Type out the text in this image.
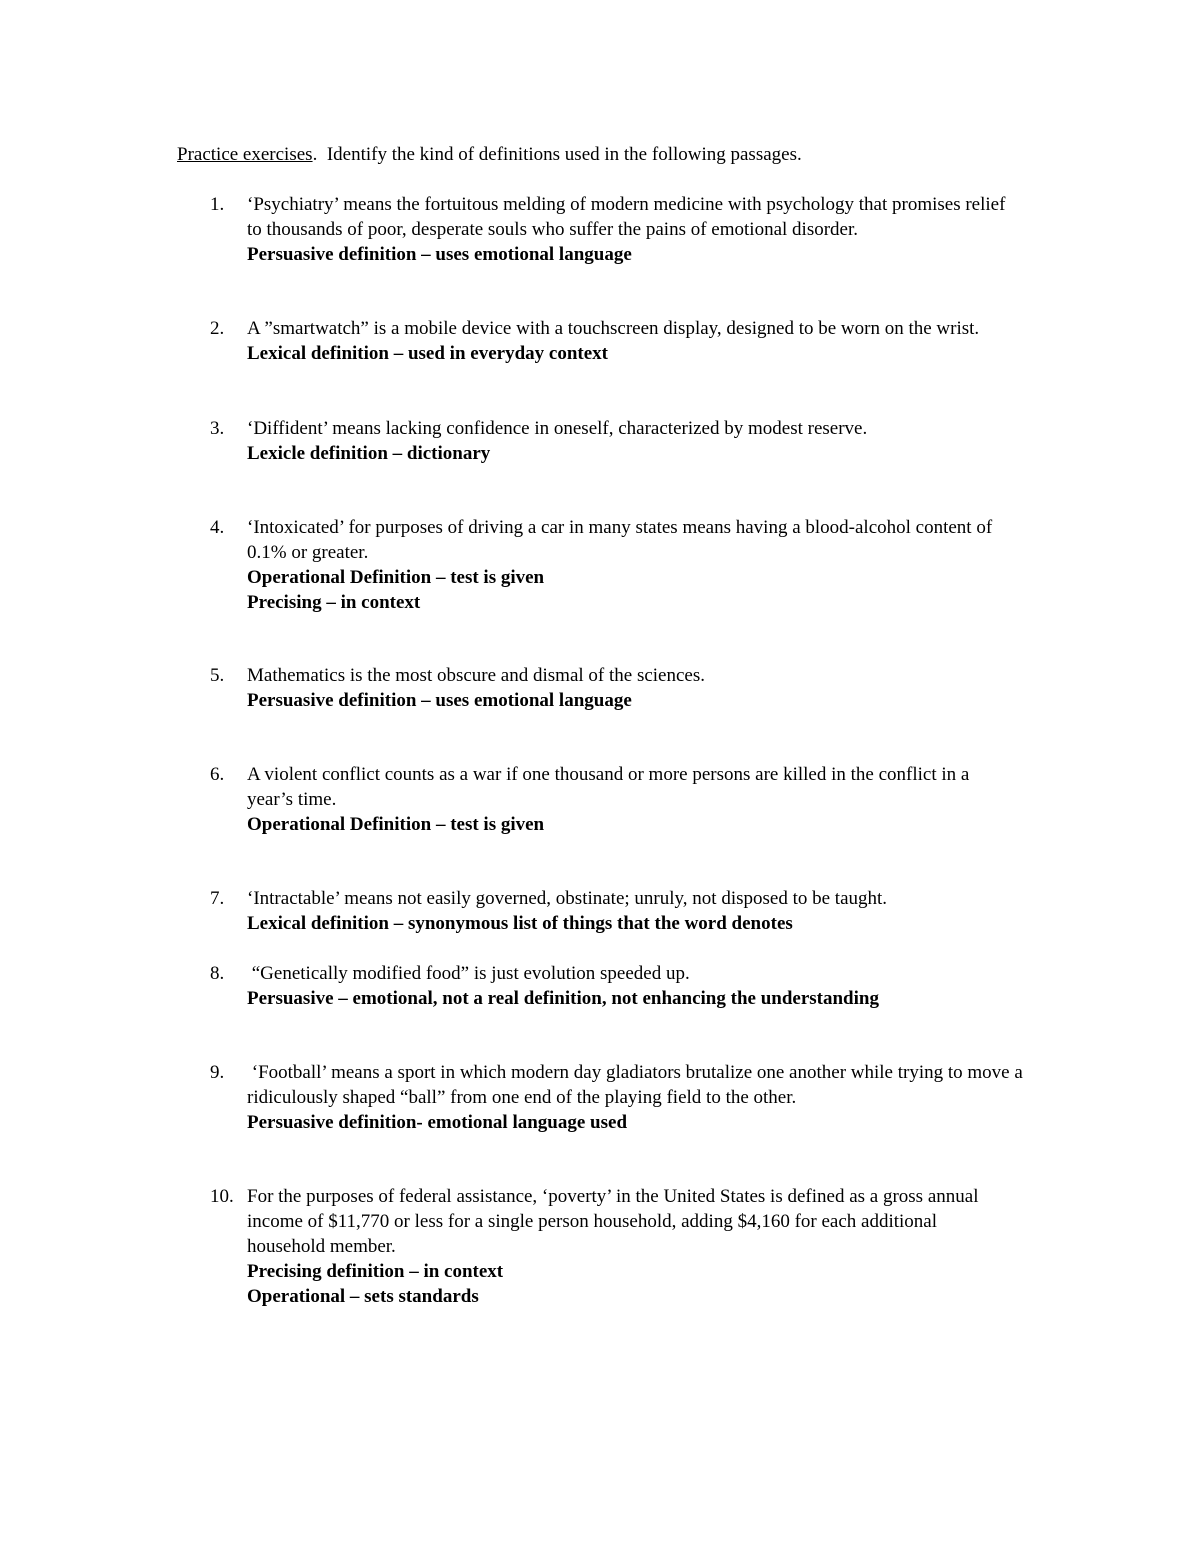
Practice exercises.  Identify the kind of definitions used in the following passages.
1.	‘Psychiatry’ means the fortuitous melding of modern medicine with psychology that promises relief to thousands of poor, desperate souls who suffer the pains of emotional disorder.
Persuasive definition – uses emotional language
2.	A ”smartwatch” is a mobile device with a touchscreen display, designed to be worn on the wrist.
Lexical definition – used in everyday context
3.	‘Diffident’ means lacking confidence in oneself, characterized by modest reserve.
Lexicle definition – dictionary
4.	‘Intoxicated’ for purposes of driving a car in many states means having a blood-alcohol content of 0.1% or greater.
Operational Definition – test is given
Precising – in context
5.	Mathematics is the most obscure and dismal of the sciences.
Persuasive definition – uses emotional language
6.	A violent conflict counts as a war if one thousand or more persons are killed in the conflict in a year’s time.
Operational Definition – test is given
7.	‘Intractable’ means not easily governed, obstinate; unruly, not disposed to be taught.
Lexical definition – synonymous list of things that the word denotes
8.	“Genetically modified food” is just evolution speeded up.
Persuasive – emotional, not a real definition, not enhancing the understanding
9.	‘Football’ means a sport in which modern day gladiators brutalize one another while trying to move a ridiculously shaped “ball” from one end of the playing field to the other.
Persuasive definition- emotional language used
10. For the purposes of federal assistance, ‘poverty’ in the United States is defined as a gross annual income of $11,770 or less for a single person household, adding $4,160 for each additional household member.
Precising definition – in context
Operational – sets standards
